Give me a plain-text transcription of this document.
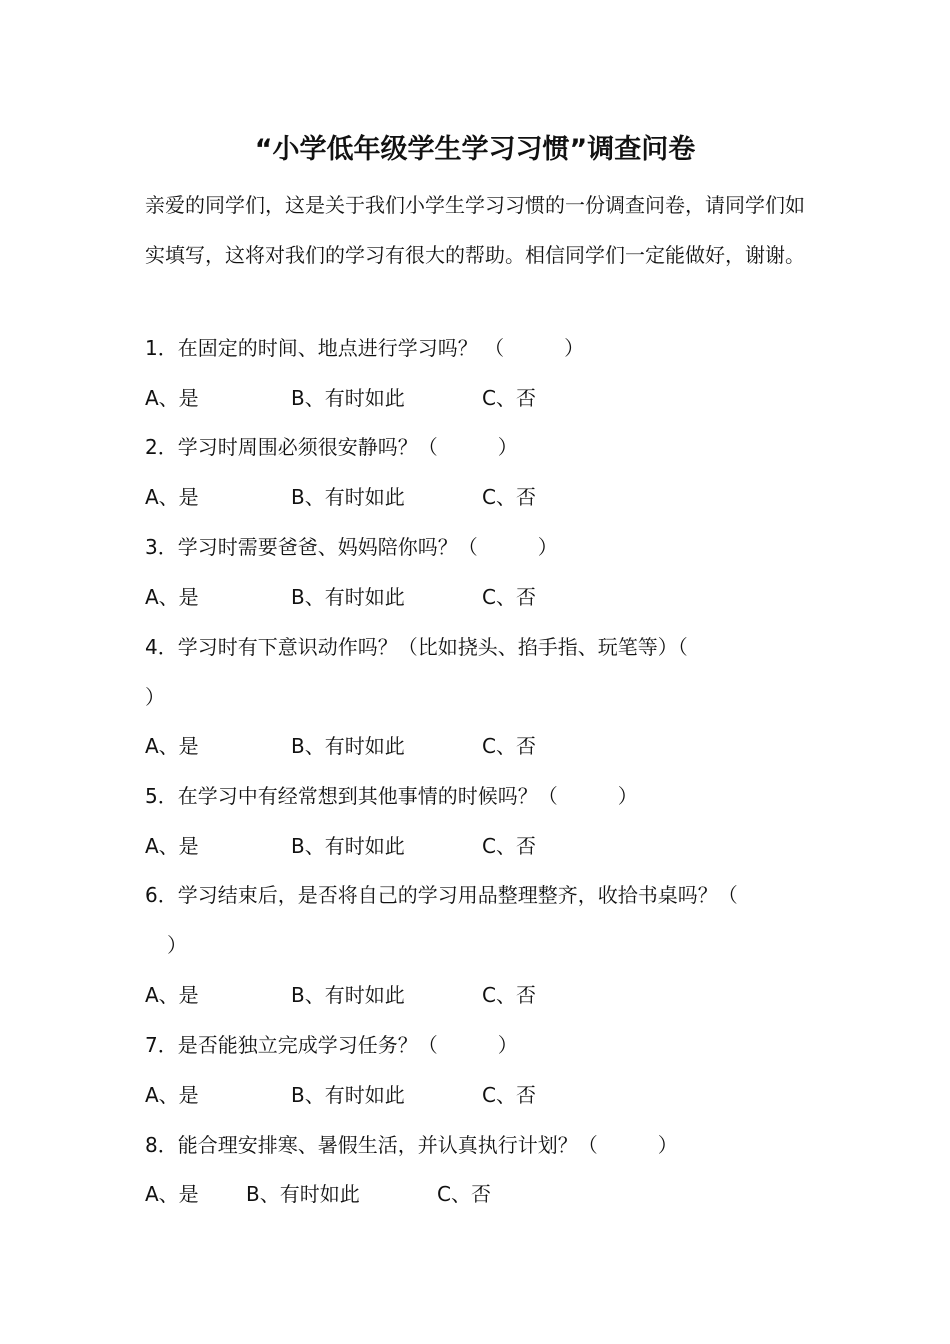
“小学低年级学生学习习惯”调查问卷

亲爱的同学们，这是关于我们小学生学习习惯的一份调查问卷，请同学们如实填写，这将对我们的学习有很大的帮助。相信同学们一定能做好，谢谢。

1．在固定的时间、地点进行学习吗？ （　　　）
A、是	B、有时如此	C、否
2．学习时周围必须很安静吗？（　　　）
A、是	B、有时如此	C、否
3．学习时需要爸爸、妈妈陪你吗？（　　　）
A、是	B、有时如此	C、否
4．学习时有下意识动作吗？（比如挠头、掐手指、玩笔等）（
）
A、是	B、有时如此	C、否
5．在学习中有经常想到其他事情的时候吗？（　　　）
A、是	B、有时如此	C、否
6．学习结束后，是否将自己的学习用品整理整齐，收拾书桌吗？（
）
A、是	B、有时如此	C、否
7．是否能独立完成学习任务？（　　　）
A、是	B、有时如此	C、否
8．能合理安排寒、暑假生活，并认真执行计划？（　　　）
A、是 B、有时如此	C、否
